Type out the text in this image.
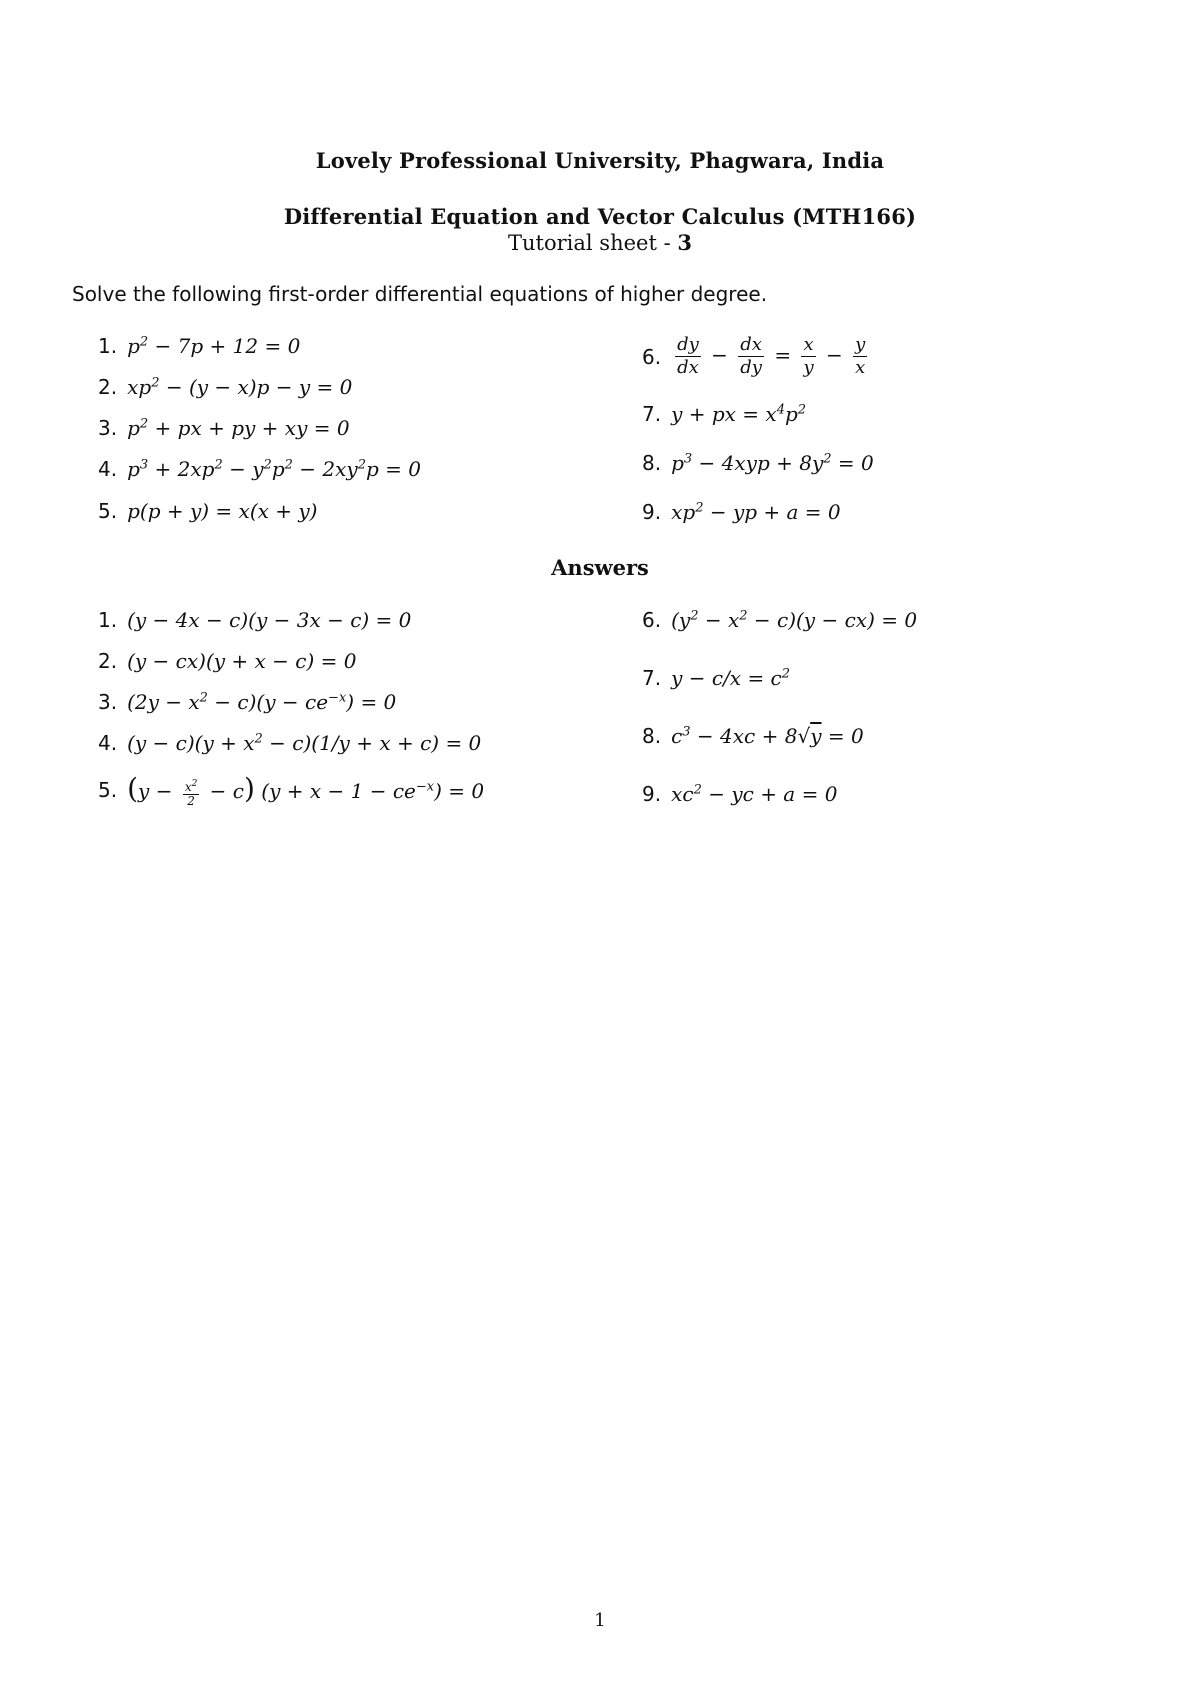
Lovely Professional University, Phagwara, India
Differential Equation and Vector Calculus (MTH166)
Tutorial sheet - 3
Solve the following first-order differential equations of higher degree.
1. $p^2 - 7p + 12 = 0$
2. $xp^2 - (y - x)p - y = 0$
3. $p^2$ + px + py + xy = 0
4. $p^3 + 2xp^2 - y^2p^2 - 2xy^2p = 0$
5. p(p + y) = x(x + y)
6. $\frac{dy}{dx} - \frac{dx}{dy} = \frac{x}{y} - \frac{y}{x}$
7. y + px = $x^4p^2$
8. $p^3 - 4xyp + 8y^2 = 0$
9. $xp^2$ − yp + a = 0
Answers
1. (y − 4x − c)(y − 3x − c) = 0
2. (y − cx)(y + x − c) = 0
3. $(2y - x^2 - c)(y - ce^{-x}) = 0$
4. $(y - c)(y + x^2 - c)(1/y + x + c) = 0$
5. $(y - \frac{x^2}{2} - c)$ $(y + x - 1 - ce^{-x}) = 0$
6. $(y^2 - x^2 - c)(y - cx) = 0$
7. $y - c/x = c^2$
8. $c^3 - 4xc + 8√y = 0$
9. $xc^2$ − yc + a = 0
1
